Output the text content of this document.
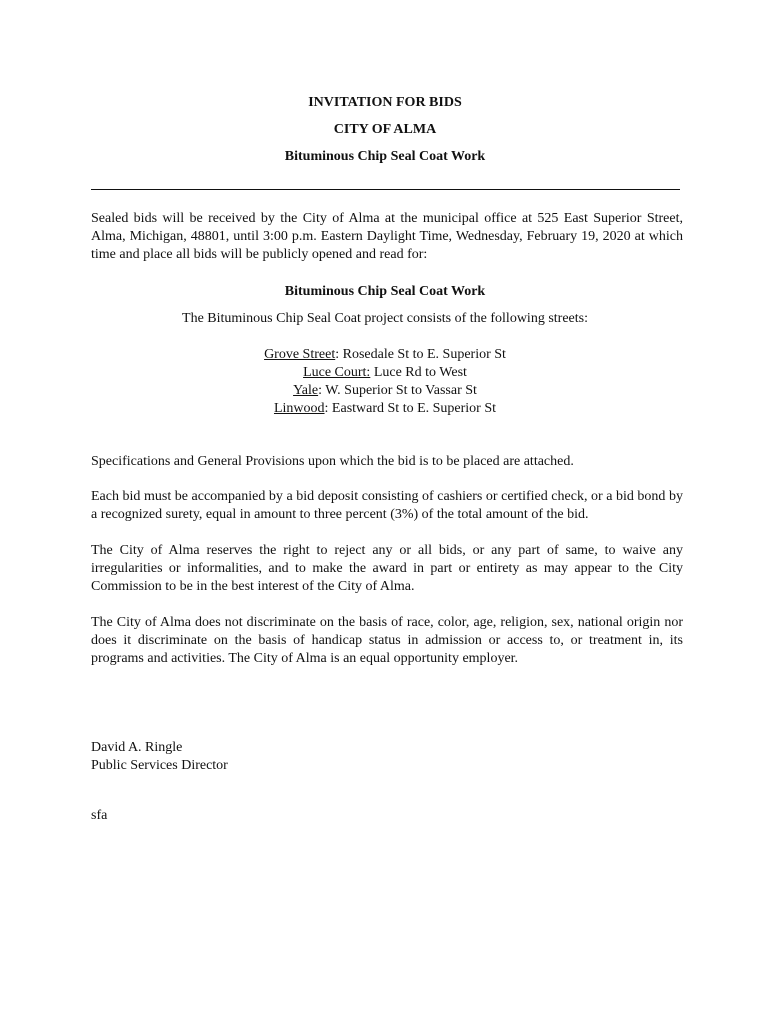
INVITATION FOR BIDS
CITY OF ALMA
Bituminous Chip Seal Coat Work
Sealed bids will be received by the City of Alma at the municipal office at 525 East Superior Street, Alma, Michigan, 48801, until 3:00 p.m. Eastern Daylight Time, Wednesday, February 19, 2020 at which time and place all bids will be publicly opened and read for:
Bituminous Chip Seal Coat Work
The Bituminous Chip Seal Coat project consists of the following streets:
Grove Street: Rosedale St to E. Superior St
Luce Court: Luce Rd to West
Yale: W. Superior St to Vassar St
Linwood: Eastward St to E. Superior St
Specifications and General Provisions upon which the bid is to be placed are attached.
Each bid must be accompanied by a bid deposit consisting of cashiers or certified check, or a bid bond by a recognized surety, equal in amount to three percent (3%) of the total amount of the bid.
The City of Alma reserves the right to reject any or all bids, or any part of same, to waive any irregularities or informalities, and to make the award in part or entirety as may appear to the City Commission to be in the best interest of the City of Alma.
The City of Alma does not discriminate on the basis of race, color, age, religion, sex, national origin nor does it discriminate on the basis of handicap status in admission or access to, or treatment in, its programs and activities. The City of Alma is an equal opportunity employer.
David A. Ringle
Public Services Director
sfa
